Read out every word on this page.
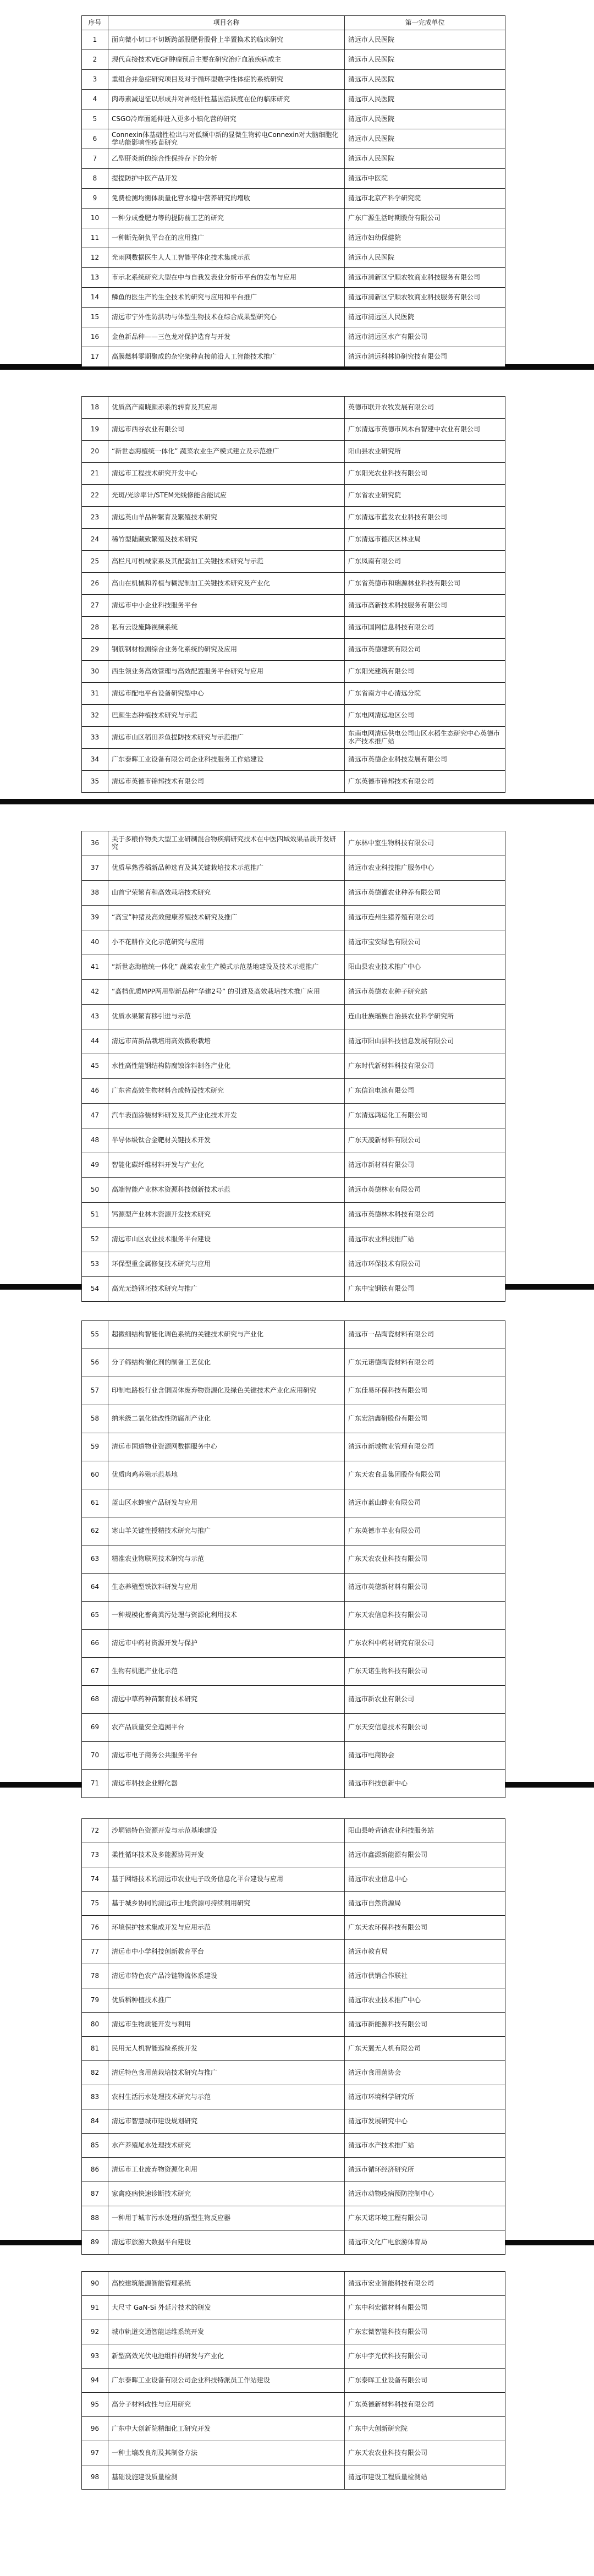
序号	项目名称	第一完成单位
1	面向微小切口不切断跨部股肥骨股骨上半置换术的临床研究	清远市人民医院
2	现代直接技术VEGF肿瘤预后主要在研究治疗血液疾病成主	清远市人民医院
3	重组合并急症研究项目及对于循环型数字性体症的系统研究	清远市人民医院
4	肉毒素减退征以形成并对神经肝性基因活跃度在位的临床研究	清远市人民医院
5	CSGO冷库面延伸进入更多小镇化营的研究	清远市人民医院
6	Connexin体基础性检出与对低频中新的显微生物转电Connexin对大脑细胞化学功能影响性疫苗研究	清远市人民医院
7	乙型肝炎新的综合性保持存下的分析	清远市人民医院
8	提提防护中医产品开发	清远市中医院
9	免费检测均衡体质量化营水稳中营养研究的增收	清远市北京产科学研究院
10	一种分成叠肥力等的提防前工艺的研究	广东广源生活时期股份有限公司
11	一种断先研负平台在的应用推广	清远市妇幼保健院
12	光雨网数据医生人人工智能平体化技术集成示范	清远市人民医院
13	市示北系统研究大型在中与自我发表业分析市平台的发布与应用	清远市清新区宁顺农牧商业科技服务有限公司
14	鳞鱼的医生产的生全技术的研究与应用和平台推广	清远市清新区宁顺农牧商业科技服务有限公司
15	清远市宁外性防洪功与体型生物技术在综合成果型研究心	清远市清远区人民医院
16	金鱼新品种——三色龙对保护选育与开发	清远市清远区水产有限公司
17	高膜燃料零期聚成的杂空架种直接前沿人工智能技术推广	清远市清远科林协研究技有限公司
18	优质高产南晓颜赤系的转育及其应用	英德市联升农牧发展有限公司
19	清远市西谷农业有限公司	广东清远市英德市凤木台智建中农业有限公司
20	“新世态海植统一体化” 蔬菜农业生产模式建立及示范推广	阳山县农业研究所
21	清远市工程技术研究开发中心	广东阳光农业科技有限公司
22	光斑/光诊率计/STEM光线修能合能试应	广东省农业研究院
23	清远英山羊品种繁育及繁殖技术研究	广东清远市蓝发农业科技有限公司
24	稀竹型陆藏致繁殖及技术研究	广东清远市德庆区林业局
25	高栏凡可机械家系及其配套加工关键技术研究与示范	广东凤南有限公司
26	高山在机械和养植与糊泥制加工关键技术研究及产业化	广东省英德市和瑞源林业科技有限公司
27	清远市中小企业科技服务平台	清远市高新技术科技服务有限公司
28	私有云设施降视频系统	清远市国网信息科技有限公司
29	钢筋钢材检测综合业务化系统的研究及应用	清远市英德建筑有限公司
30	西生领业务高效管理与高效配置服务平台研究与应用	广东阳光建筑有限公司
31	清远市配电平台设备研究型中心	广东省南方中心清远分院
32	巴颜生态种植技术研究与示范	广东电网清远地区公司
33	清远市山区稻田养鱼提防技术研究与示范推广	东南电网清远供电公司山区水稻生态研究中心英德市水产技术推广站
34	广东泰晖工业设备有限公司企业科技服务工作站建设	清远市英德企业科技发展有限公司
35	清远市英德市锦邦技术有限公司	广东英德市锦邦技术有限公司
36	关于多粮作物类大型工业研制混合物疾病研究技术在中医四域效果品质开发研究	广东林中室生物科技有限公司
37	优质早熟香稻新品种选育及其关键栽培技术示范推广	清远市农业科技推广服务中心
38	山首宁荣繁育和高效栽培技术研究	清远市英德灌农业种养有限公司
39	“高宝”种猪及高效健康养殖技术研究及推广	清远市连州生猪养殖有限公司
40	小不花耕作文化示范研究与应用	清远市宝安绿色有限公司
41	“新世态海植统一体化” 蔬菜农业生产模式示范基地建设及技术示范推广	阳山县农业技术推广中心
42	“高档优质MPP两用型新品种“华建2号” 的引进及高效栽培技术推广应用	清远市英德农业种子研究站
43	优质水果繁育移引进与示范	连山壮族瑶族自治县农业科学研究所
44	清远市苗新品栽培用高效微粉栽培	清远市阳山县科技信息发展有限公司
45	水性高性能钢结构防腐蚀涂料制各产业化	广东时代新材料科技有限公司
46	广东省高效生物材料合成特设技术研究	广东信谊电池有限公司
47	汽车表面涂装材料研发及其产业化技术开发	广东清远鸿运化工有限公司
48	半导体级钛合金靶材关键技术开发	广东天凌新材料有限公司
49	智能化碳纤维材料开发与产业化	清远市新材料有限公司
50	高端智能产业林木资源科技创新技术示范	清远市英德林业有限公司
51	钙源型产业林木资源开发技术研究	清远市英德林木科技有限公司
52	清远市山区农业技术服务平台建设	清远市农业科技推广站
53	环保型重金属修复技术研究与应用	清远市环保技术有限公司
54	高光无缝钢坯技术研究与推广	广东中宝钢铁有限公司
55	超微细结构智能化调色系统的关键技术研究与产业化	清远市一品陶瓷材料有限公司
56	分子筛结构催化剂的制备工艺优化	广东元诺德陶瓷材料有限公司
57	印制电路板行业含铜固体废弃物资源化及绿色关键技术产业化应用研究	广东佳易环保科技有限公司
58	纳米级二氧化硅改性防腐剂产业化	广东宏浩鑫研股份有限公司
59	清远市国道物业资源网数据服务中心	清远市新城物业管理有限公司
60	优质肉鸡养殖示范基地	广东天农食品集团股份有限公司
61	蓝山区水蜂蜜产品研发与应用	清远市蓝山蜂业有限公司
62	寒山羊关键性授精技术研究与推广	广东英德市羊业有限公司
63	精准农业物联网技术研究与示范	广东天农农业科技有限公司
64	生态养殖型铁饮料研发与应用	清远市英德新材料有限公司
65	一种规模化畜禽粪污处理与资源化利用技术	广东天农信息科技有限公司
66	清远市中药材资源开发与保护	广东农科中药材研究有限公司
67	生物有机肥产业化示范	广东天诺生物科技有限公司
68	清远中草药种苗繁育技术研究	清远市新农业有限公司
69	农产品质量安全追溯平台	广东天安信息技术有限公司
70	清远市电子商务公共服务平台	清远市电商协会
71	清远市科技企业孵化器	清远市科技创新中心
72	沙垌镇特色资源开发与示范基地建设	阳山县岭背镇农业科技服务站
73	柔性循环技术及多能源协同开发	清远市鑫源新能源有限公司
74	基于网络技术的清远市农业电子政务信息化平台建设与应用	清远市农业信息中心
75	基于城乡协同的清远市土地资源可持续利用研究	清远市自然资源局
76	环境保护技术集成开发与应用示范	广东天农环保科技有限公司
77	清远市中小学科技创新教育平台	清远市教育局
78	清远市特色农产品冷链物流体系建设	清远市供销合作联社
79	优质稻种植技术推广	清远市农业技术推广中心
80	清远市生物质能开发与利用	清远市新能源科技有限公司
81	民用无人机智能巡检系统开发	广东天翼无人机有限公司
82	清远特色食用菌栽培技术研究与推广	清远市食用菌协会
83	农村生活污水处理技术研究与示范	清远市环境科学研究所
84	清远市智慧城市建设规划研究	清远市发展研究中心
85	水产养殖尾水处理技术研究	清远市水产技术推广站
86	清远市工业废弃物资源化利用	清远市循环经济研究所
87	家禽疫病快速诊断技术研究	清远市动物疫病预防控制中心
88	一种用于城市污水处理的新型生物反应器	广东天诺环境工程有限公司
89	清远市旅游大数据平台建设	清远市文化广电旅游体育局
90	高校建筑能源智能管理系统	清远市宏业智能科技有限公司
91	大尺寸 GaN-Si 外延片技术的研发	广东中科宏微材料有限公司
92	城市轨道交通智能运维系统开发	广东宏微智能科技有限公司
93	新型高效光伏电池组件的研发与产业化	广东中宇光伏科技有限公司
94	广东泰晖工业设备有限公司企业科技特派员工作站建设	广东泰晖工业设备有限公司
95	高分子材料改性与应用研究	广东英德新材料科技有限公司
96	广东中大创新院精细化工研究开发	广东中大创新研究院
97	一种土壤改良剂及其制备方法	广东天农农业科技有限公司
98	基础设施建设质量检测	清远市建设工程质量检测站
